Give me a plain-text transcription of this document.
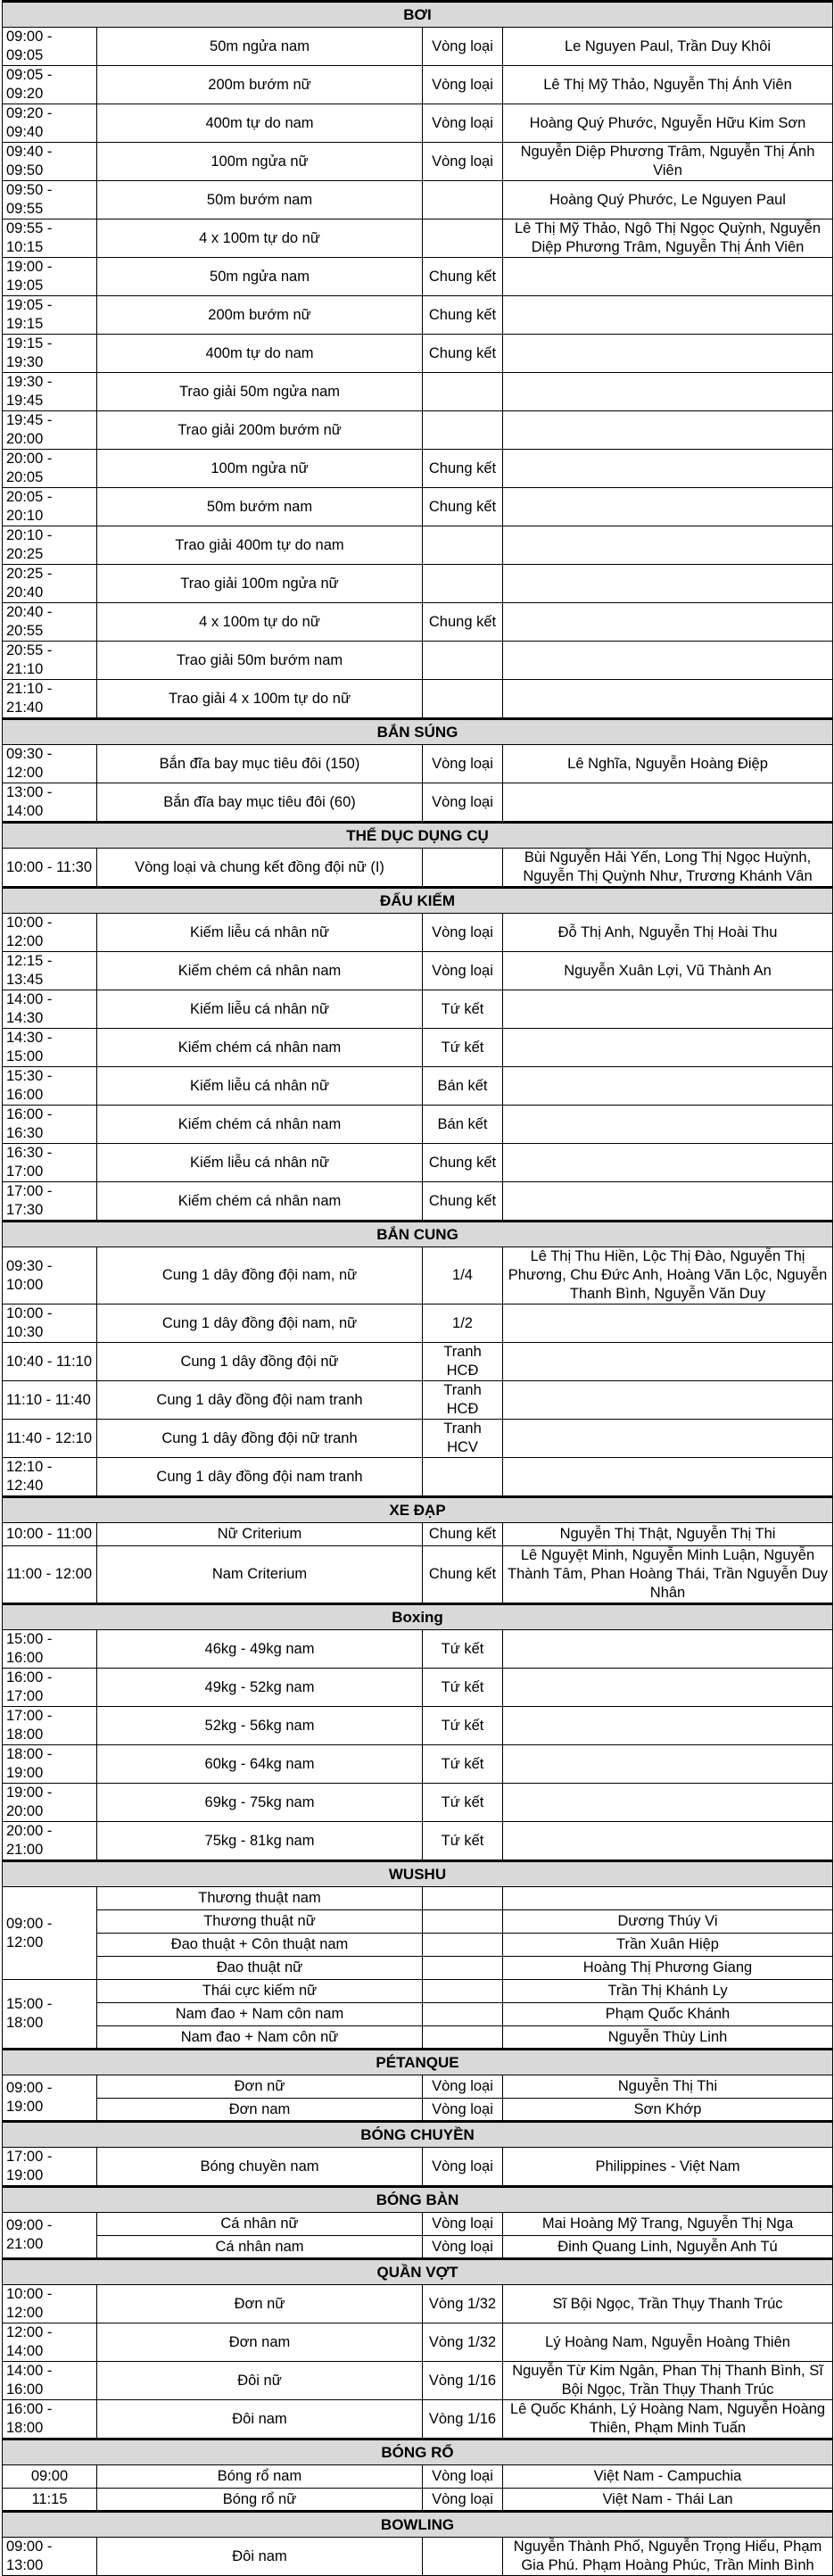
BƠI			
09:00 - 09:05	50m ngửa nam	Vòng loại	Le Nguyen Paul, Trần Duy Khôi
09:05 - 09:20	200m bướm nữ	Vòng loại	Lê Thị Mỹ Thảo, Nguyễn Thị Ánh Viên
09:20 - 09:40	400m tự do nam	Vòng loại	Hoàng Quý Phước, Nguyễn Hữu Kim Sơn
09:40 - 09:50	100m ngửa nữ	Vòng loại	Nguyễn Diệp Phương Trâm, Nguyễn Thị Ánh Viên
09:50 - 09:55	50m bướm nam		Hoàng Quý Phước, Le Nguyen Paul
09:55 - 10:15	4 x 100m tự do nữ		Lê Thị Mỹ Thảo, Ngô Thị Ngọc Quỳnh, Nguyễn Diệp Phương Trâm, Nguyễn Thị Ánh Viên
19:00 - 19:05	50m ngửa nam	Chung kết	
19:05 - 19:15	200m bướm nữ	Chung kết	
19:15 - 19:30	400m tự do nam	Chung kết	
19:30 - 19:45	Trao giải 50m ngửa nam		
19:45 - 20:00	Trao giải 200m bướm nữ		
20:00 - 20:05	100m ngửa nữ	Chung kết	
20:05 - 20:10	50m bướm nam	Chung kết	
20:10 - 20:25	Trao giải 400m tự do nam		
20:25 - 20:40	Trao giải 100m ngửa nữ		
20:40 - 20:55	4 x 100m tự do nữ	Chung kết	
20:55 - 21:10	Trao giải 50m bướm nam		
21:10 - 21:40	Trao giải 4 x 100m tự do nữ		
BẮN SÚNG			
09:30 - 12:00	Bắn đĩa bay mục tiêu đôi (150)	Vòng loại	Lê Nghĩa, Nguyễn Hoàng Điệp
13:00 - 14:00	Bắn đĩa bay mục tiêu đôi (60)	Vòng loại	
THỂ DỤC DỤNG CỤ			
10:00 - 11:30	Vòng loại và chung kết đồng đội nữ (I)		Bùi Nguyễn Hải Yến, Long Thị Ngọc Huỳnh, Nguyễn Thị Quỳnh Như, Trương Khánh Vân
ĐẤU KIẾM			
10:00 - 12:00	Kiếm liễu cá nhân nữ	Vòng loại	Đỗ Thị Anh, Nguyễn Thị Hoài Thu
12:15 - 13:45	Kiếm chém cá nhân nam	Vòng loại	Nguyễn Xuân Lợi, Vũ Thành An
14:00 - 14:30	Kiếm liễu cá nhân nữ	Tứ kết	
14:30 - 15:00	Kiếm chém cá nhân nam	Tứ kết	
15:30 - 16:00	Kiếm liễu cá nhân nữ	Bán kết	
16:00 - 16:30	Kiếm chém cá nhân nam	Bán kết	
16:30 - 17:00	Kiếm liễu cá nhân nữ	Chung kết	
17:00 - 17:30	Kiếm chém cá nhân nam	Chung kết	
BẮN CUNG			
09:30 - 10:00	Cung 1 dây đồng đội nam, nữ	1/4	Lê Thị Thu Hiền, Lộc Thị Đào, Nguyễn Thị Phương, Chu Đức Anh, Hoàng Văn Lộc, Nguyễn Thanh Bình, Nguyễn Văn Duy
10:00 - 10:30	Cung 1 dây đồng đội nam, nữ	1/2	
10:40 - 11:10	Cung 1 dây đồng đội nữ	Tranh HCĐ	
11:10 - 11:40	Cung 1 dây đồng đội nam tranh	Tranh HCĐ	
11:40 - 12:10	Cung 1 dây đồng đội nữ tranh	Tranh HCV	
12:10 - 12:40	Cung 1 dây đồng đội nam tranh		
XE ĐẠP			
10:00 - 11:00	Nữ Criterium	Chung kết	Nguyễn Thị Thật, Nguyễn Thị Thi
11:00 - 12:00	Nam Criterium	Chung kết	Lê Nguyệt Minh, Nguyễn Minh Luận, Nguyễn Thành Tâm, Phan Hoàng Thái, Trần Nguyễn Duy Nhân
Boxing			
15:00 - 16:00	46kg - 49kg nam	Tứ kết	
16:00 - 17:00	49kg - 52kg nam	Tứ kết	
17:00 - 18:00	52kg - 56kg nam	Tứ kết	
18:00 - 19:00	60kg - 64kg nam	Tứ kết	
19:00 - 20:00	69kg - 75kg nam	Tứ kết	
20:00 - 21:00	75kg - 81kg nam	Tứ kết	
WUSHU			
09:00 - 12:00	Thương thuật nam		
	Thương thuật nữ		Dương Thúy Vi
	Đao thuật + Côn thuật nam		Trần Xuân Hiệp
	Đao thuật nữ		Hoàng Thị Phương Giang
15:00 - 18:00	Thái cực kiếm nữ		Trần Thị Khánh Ly
	Nam đao + Nam côn nam		Phạm Quốc Khánh
	Nam đao + Nam côn nữ		Nguyễn Thùy Linh
PÉTANQUE			
09:00 - 19:00	Đơn nữ	Vòng loại	Nguyễn Thị Thi
	Đơn nam	Vòng loại	Sơn Khớp
BÓNG CHUYỀN			
17:00 - 19:00	Bóng chuyền nam	Vòng loại	Philippines - Việt Nam
BÓNG BÀN			
09:00 - 21:00	Cá nhân nữ	Vòng loại	Mai Hoàng Mỹ Trang, Nguyễn Thị Nga
	Cá nhân nam	Vòng loại	Đinh Quang Linh, Nguyễn Anh Tú
QUẦN VỢT			
10:00 - 12:00	Đơn nữ	Vòng 1/32	Sĩ Bội Ngọc, Trần Thụy Thanh Trúc
12:00 - 14:00	Đơn nam	Vòng 1/32	Lý Hoàng Nam, Nguyễn Hoàng Thiên
14:00 - 16:00	Đôi nữ	Vòng 1/16	Nguyễn Từ Kim Ngân, Phan Thị Thanh Bình, Sĩ Bội Ngọc, Trần Thụy Thanh Trúc
16:00 - 18:00	Đôi nam	Vòng 1/16	Lê Quốc Khánh, Lý Hoàng Nam, Nguyễn Hoàng Thiên, Phạm Minh Tuấn
BÓNG RỔ			
09:00	Bóng rổ nam	Vòng loại	Việt Nam - Campuchia
11:15	Bóng rổ nữ	Vòng loại	Việt Nam - Thái Lan
BOWLING			
09:00 - 13:00	Đôi nam		Nguyễn Thành Phố, Nguyễn Trọng Hiếu, Phạm Gia Phú. Phạm Hoàng Phúc, Trần Minh Bình
